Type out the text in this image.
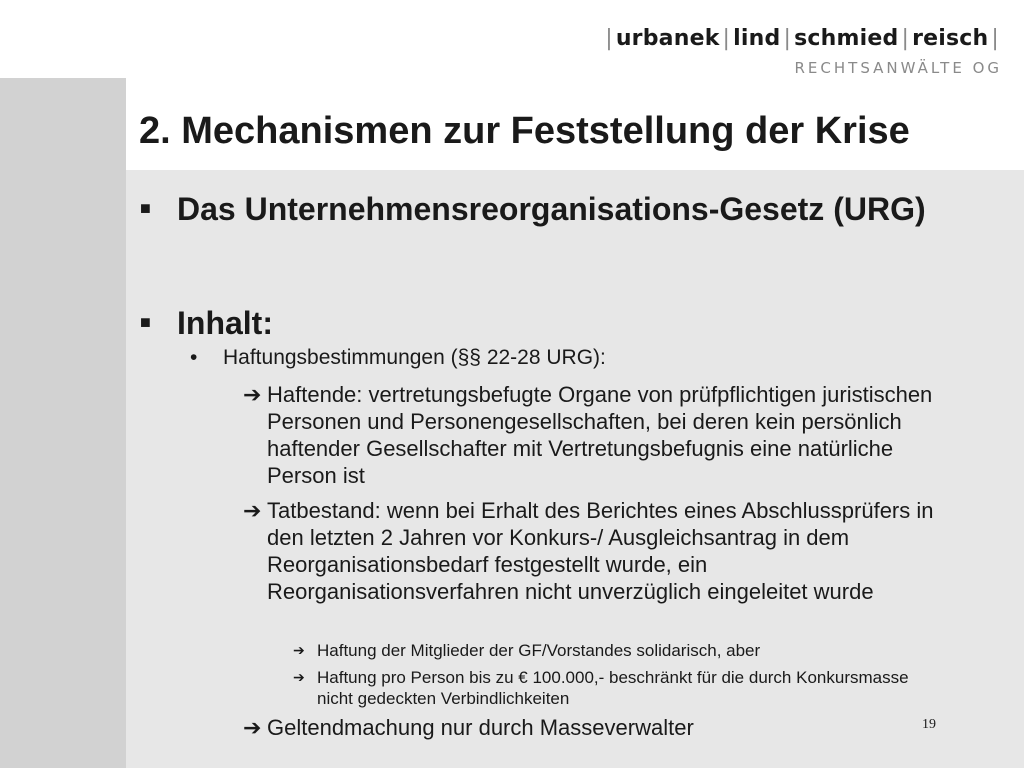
| urbanek | lind | schmied | reisch |
RECHTSANWÄLTE OG
2. Mechanismen zur Feststellung der Krise
■ Das Unternehmensreorganisations-Gesetz (URG)
■ Inhalt:
• Haftungsbestimmungen (§§ 22-28 URG):
➔ Haftende: vertretungsbefugte Organe von prüfpflichtigen juristischen Personen und Personengesellschaften, bei deren kein persönlich haftender Gesellschafter mit Vertretungsbefugnis eine natürliche Person ist
➔ Tatbestand: wenn bei Erhalt des Berichtes eines Abschlussprüfers in den letzten 2 Jahren vor Konkurs-/ Ausgleichsantrag in dem Reorganisationsbedarf festgestellt wurde, ein Reorganisationsverfahren nicht unverzüglich eingeleitet wurde
➔ Haftung der Mitglieder der GF/Vorstandes solidarisch, aber
➔ Haftung pro Person bis zu € 100.000,- beschränkt für die durch Konkursmasse nicht gedeckten Verbindlichkeiten
➔ Geltendmachung nur durch Masseverwalter	19
